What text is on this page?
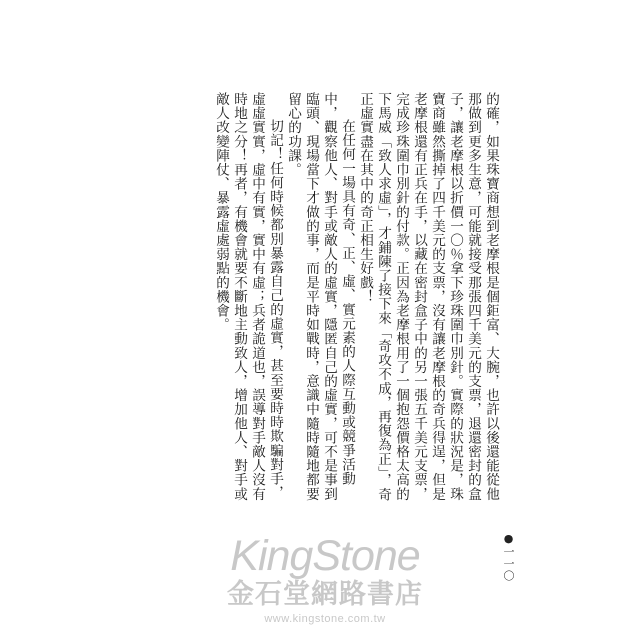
的確，如果珠寶商想到老摩根是個鉅富、大腕，也許以後還能從他那做到更多生意，可能就接受那張四千美元的支票，退還密封的盒子，讓老摩根以折價一〇％拿下珍珠圍巾別針。實際的狀況是，珠寶商雖然撕掉了四千美元的支票，沒有讓老摩根的奇兵得逞，但是老摩根還有正兵在手，以藏在密封盒子中的另一張五千美元支票，完成珍珠圍巾別針的付款。正因為老摩根用了一個抱怨價格太高的下馬威「致人求虛」，才鋪陳了接下來「奇攻不成，再復為正」，奇正虛實盡在其中的奇正相生好戲！

在任何一場具有奇、正、虛、實元素的人際互動或競爭活動中，觀察他人、對手或敵人的虛實，隱匿自己的虛實，可不是事到臨頭、現場當下才做的事，而是平時如戰時，意識中隨時隨地都要留心的功課。

切記！任何時候都別暴露自己的虛實，甚至要時時欺騙對手，虛虛實實，虛中有實，實中有虛；兵者詭道也，誤導對手敵人沒有時地之分！再者，有機會就要不斷地主動致人，增加他人、對手或敵人改變陣仗、暴露虛處弱點的機會。

●一一〇
KingStone
金石堂網路書店
www.kingstone.com.tw
